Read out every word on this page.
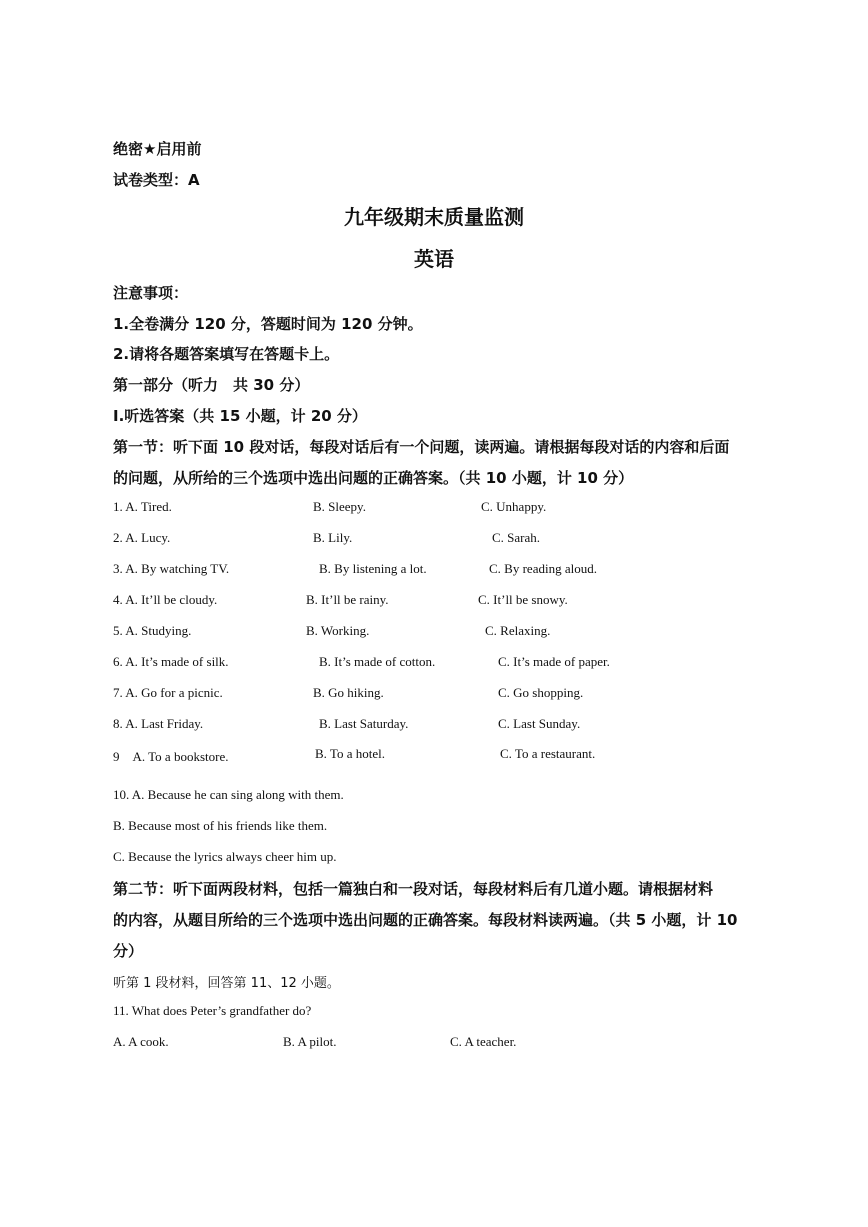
绝密★启用前
试卷类型：A
九年级期末质量监测
英语
注意事项：
1.全卷满分 120 分，答题时间为 120 分钟。
2.请将各题答案填写在答题卡上。
第一部分（听力　共 30 分）
Ⅰ.听选答案（共 15 小题，计 20 分）
第一节：听下面 10 段对话，每段对话后有一个问题，读两遍。请根据每段对话的内容和后面
的问题，从所给的三个选项中选出问题的正确答案。（共 10 小题，计 10 分）
1. A. Tired.	B. Sleepy.	C. Unhappy.
2. A. Lucy.	B. Lily.	C. Sarah.
3. A. By watching TV.	B. By listening a lot.	C. By reading aloud.
4. A. It’ll be cloudy.	B. It’ll be rainy.	C. It’ll be snowy.
5. A. Studying.	B. Working.	C. Relaxing.
6. A. It’s made of silk.	B. It’s made of cotton.	C. It’s made of paper.
7. A. Go for a picnic.	B. Go hiking.	C. Go shopping.
8. A. Last Friday.	B. Last Saturday.	C. Last Sunday.
9　A. To a bookstore.	B. To a hotel.	C. To a restaurant.
10. A. Because he can sing along with them.
B. Because most of his friends like them.
C. Because the lyrics always cheer him up.
第二节：听下面两段材料，包括一篇独白和一段对话，每段材料后有几道小题。请根据材料
的内容，从题目所给的三个选项中选出问题的正确答案。每段材料读两遍。（共 5 小题，计 10
分）
听第 1 段材料，回答第 11、12 小题。
11. What does Peter’s grandfather do?
A. A cook.	B. A pilot.	C. A teacher.
